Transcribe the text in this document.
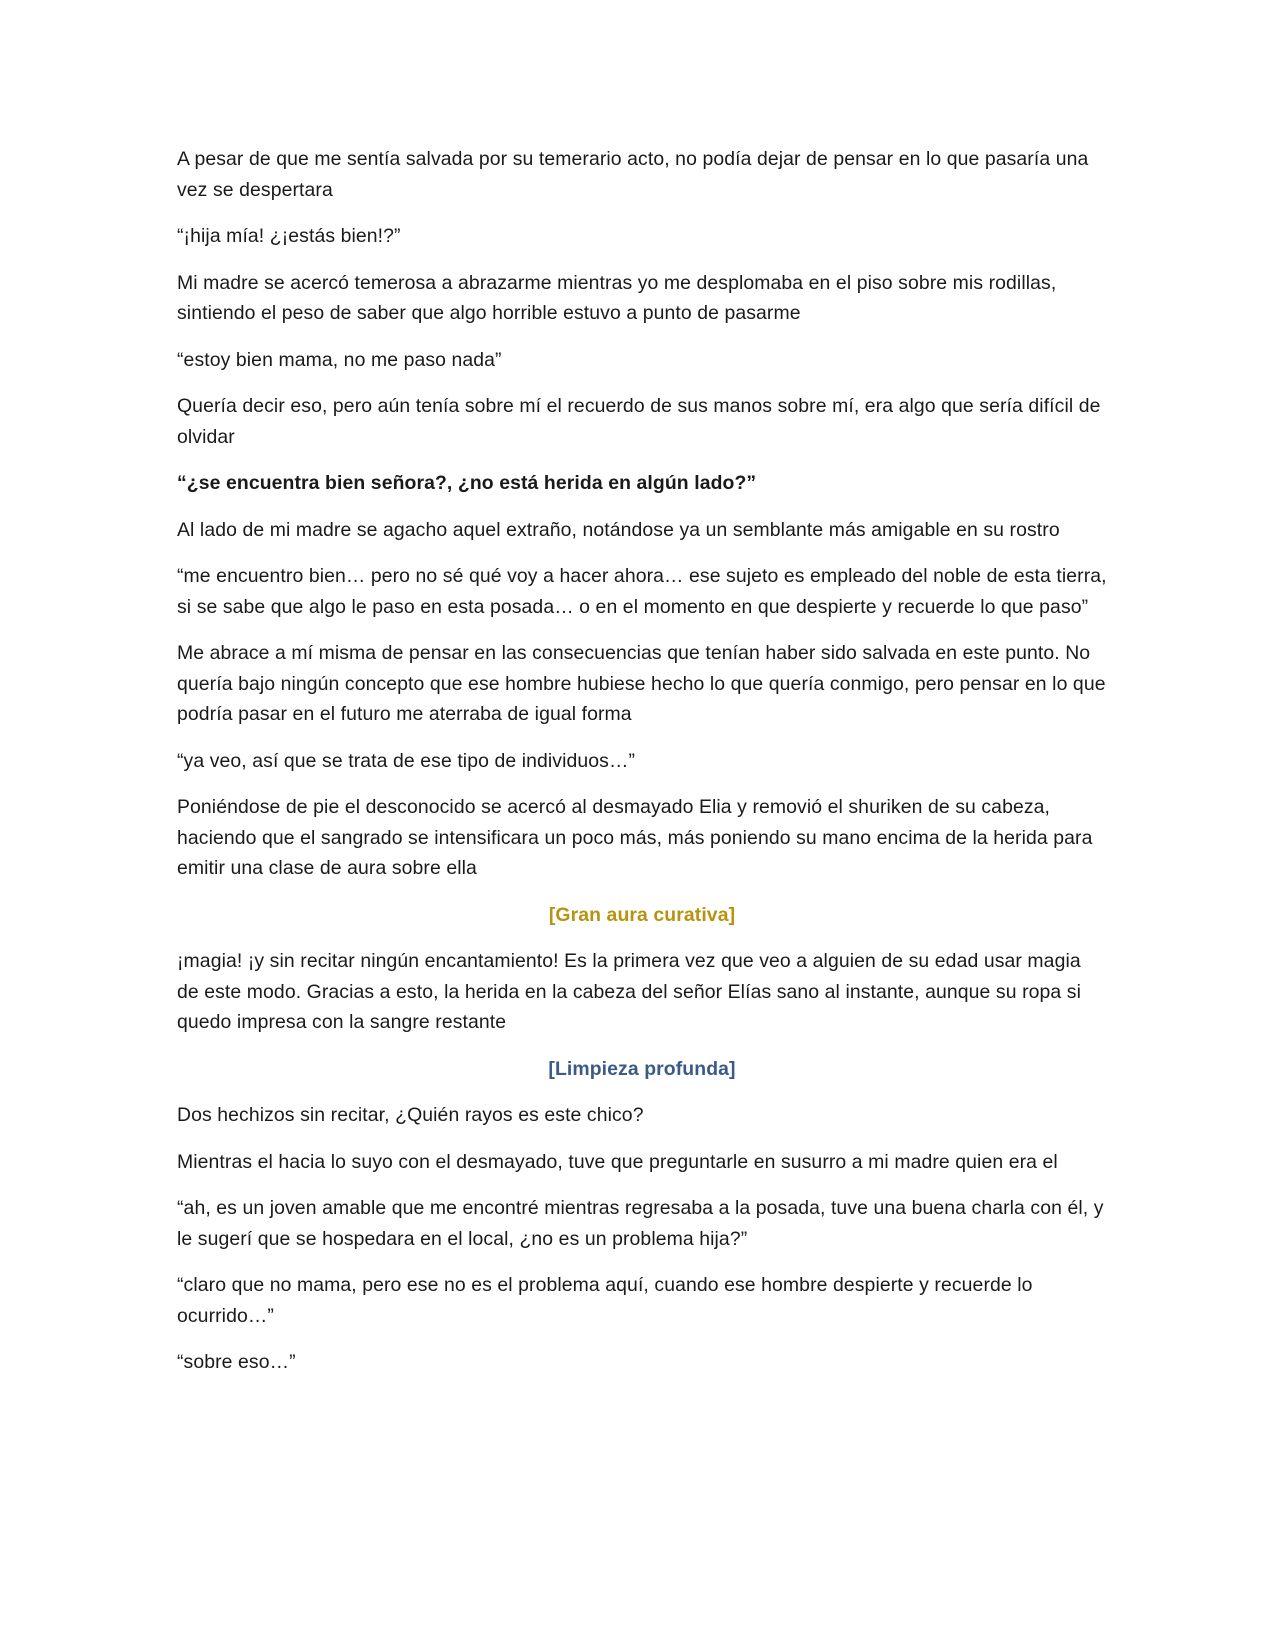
A pesar de que me sentía salvada por su temerario acto, no podía dejar de pensar en lo que pasaría una vez se despertara

“¡hija mía! ¿¡estás bien!?”

Mi madre se acercó temerosa a abrazarme mientras yo me desplomaba en el piso sobre mis rodillas, sintiendo el peso de saber que algo horrible estuvo a punto de pasarme

“estoy bien mama, no me paso nada”

Quería decir eso, pero aún tenía sobre mí el recuerdo de sus manos sobre mí, era algo que sería difícil de olvidar

“¿se encuentra bien señora?, ¿no está herida en algún lado?”

Al lado de mi madre se agacho aquel extraño, notándose ya un semblante más amigable en su rostro

“me encuentro bien… pero no sé qué voy a hacer ahora… ese sujeto es empleado del noble de esta tierra, si se sabe que algo le paso en esta posada… o en el momento en que despierte y recuerde lo que paso”

Me abrace a mí misma de pensar en las consecuencias que tenían haber sido salvada en este punto. No quería bajo ningún concepto que ese hombre hubiese hecho lo que quería conmigo, pero pensar en lo que podría pasar en el futuro me aterraba de igual forma

“ya veo, así que se trata de ese tipo de individuos…”

Poniéndose de pie el desconocido se acercó al desmayado Elia y removió el shuriken de su cabeza, haciendo que el sangrado se intensificara un poco más, más poniendo su mano encima de la herida para emitir una clase de aura sobre ella

[Gran aura curativa]

¡magia! ¡y sin recitar ningún encantamiento! Es la primera vez que veo a alguien de su edad usar magia de este modo. Gracias a esto, la herida en la cabeza del señor Elías sano al instante, aunque su ropa si quedo impresa con la sangre restante

[Limpieza profunda]

Dos hechizos sin recitar, ¿Quién rayos es este chico?

Mientras el hacia lo suyo con el desmayado, tuve que preguntarle en susurro a mi madre quien era el

“ah, es un joven amable que me encontré mientras regresaba a la posada, tuve una buena charla con él, y le sugerí que se hospedara en el local, ¿no es un problema hija?”

“claro que no mama, pero ese no es el problema aquí, cuando ese hombre despierte y recuerde lo ocurrido…”

“sobre eso…”
